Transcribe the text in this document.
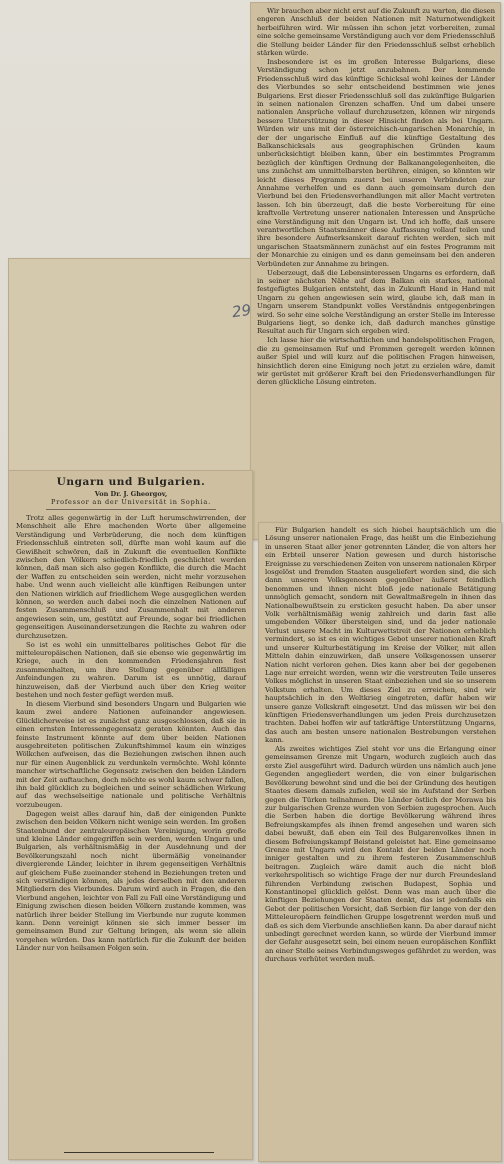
Wir brauchen aber nicht erst auf die Zukunft zu warten, die diesen engeren Anschluß der beiden Nationen mit Naturnotwendigkeit herbeiführen wird. Wir müssen ihn schon jetzt vorbereiten, zumal eine solche gemeinsame Verständigung auch vor dem Friedensschluß die Stellung beider Länder für den Friedensschluß selbst erheblich stärken würde.

Insbesondere ist es im großen Interesse Bulgariens, diese Verständigung schon jetzt anzubahnen. Der kommende Friedensschluß wird das künftige Schicksal wohl keines der Länder des Vierbundes so sehr entscheidend bestimmen wie jenes Bulgariens. Erst dieser Friedensschluß soll das zukünftige Bulgarien in seinen nationalen Grenzen schaffen. Und um dabei unsere nationalen Ansprüche vollauf durchzusetzen, können wir nirgends bessere Unterstützung in dieser Hinsicht finden als bei Ungarn. Würden wir uns mit der österreichisch-ungarischen Monarchie, in der der ungarische Einfluß auf die künftige Gestaltung des Balkanschicksals aus geographischen Gründen kaum unberücksichtigt bleiben kann, über ein bestimmtes Programm bezüglich der künftigen Ordnung der Balkanangelegenheiten, die uns zunächst am unmittelbarsten berühren, einigen, so könnten wir leicht dieses Programm zuerst bei unseren Verbündeten zur Annahme verhelfen und es dann auch gemeinsam durch den Vierbund bei den Friedensverhandlungen mit aller Macht vertreten lassen. Ich bin überzeugt, daß die beste Vorbereitung für eine kraftvolle Vertretung unserer nationalen Interessen und Ansprüche eine Verständigung mit den Ungarn ist. Und ich hoffe, daß unsere verantwortlichen Staatsmänner diese Auffassung vollauf teilen und ihre besondere Aufmerksamkeit darauf richten werden, sich mit ungarischen Staatsmännern zunächst auf ein festes Programm mit der Monarchie zu einigen und es dann gemeinsam bei den anderen Verbündeten zur Annahme zu bringen.

Ueberzeugt, daß die Lebensinteressen Ungarns es erfordern, daß in seiner nächsten Nähe auf dem Balkan ein starkes, national festgefügtes Bulgarien entsteht, das in Zukunft Hand in Hand mit Ungarn zu gehen angewiesen sein wird, glaube ich, daß man in Ungarn unserem Standpunkt volles Verständnis entgegenbringen wird. So sehr eine solche Verständigung an erster Stelle im Interesse Bulgariens liegt, so denke ich, daß dadurch manches günstige Resultat auch für Ungarn sich ergeben wird.

Ich lasse hier die wirtschaftlichen und handelspolitischen Fragen, die zu gemeinsamen Ruf und Frommen geregelt werden können außer Spiel und will kurz auf die politischen Fragen hinweisen, hinsichtlich deren eine Einigung noch jetzt zu erzielen wäre, damit wir gerüstet mit größerer Kraft bei den Friedensverhandlungen für deren glückliche Lösung eintreten.

Für Bulgarien handelt es sich hiebei hauptsächlich um die Lösung unserer nationalen Frage, das heißt um die Einbeziehung in unseren Staat aller jener getrennten Länder, die von alters her ein Erbteil unserer Nation gewesen und durch historische Ereignisse zu verschiedenen Zeiten von unserem nationalen Körper losgelöst und fremden Staaten ausgeliefert worden sind, die sich dann unseren Volksgenossen gegenüber äußerst feindlich benommen und ihnen nicht bloß jede nationale Betätigung unmöglich gemacht, sondern mit Gewaltmaßregeln in ihnen das Nationalbewußtsein zu ersticken gesucht haben. Da aber unser Volk verhältnismäßig wenig zahlreich und darin fast alle umgebenden Völker übersteigen sind, und da jeder nationale Verlust unsere Macht im Kulturwettstreit der Nationen erheblich vermindert, so ist es ein wichtiges Gebot unserer nationalen Kraft und unserer Kulturbestätigung im Kreise der Völker, mit allen Mitteln dahin einzuwirken, daß unsere Volksgenossen unserer Nation nicht verloren gehen. Dies kann aber bei der gegebenen Lage nur erreicht werden, wenn wir die verstreuten Teile unseres Volkes möglichst in unseren Staat einbeziehen und sie so unserem Volkstum erhalten. Um dieses Ziel zu erreichen, sind wir hauptsächlich in den Weltkrieg eingetreten, dafür haben wir unsere ganze Volkskraft eingesetzt. Und das müssen wir bei den künftigen Friedensverhandlungen um jeden Preis durchzusetzen trachten. Dabei hoffen wir auf tatkräftige Unterstützung Ungarns, das auch am besten unsere nationalen Bestrebungen verstehen kann.

Als zweites wichtiges Ziel steht vor uns die Erlangung einer gemeinsamen Grenze mit Ungarn, wodurch zugleich auch das erste Ziel ausgeführt wird. Dadurch würden uns nämlich auch jene Gegenden angegliedert werden, die von einer bulgarischen Bevölkerung bewohnt sind und die bei der Gründung des heutigen Staates diesem damals zufielen, weil sie im Aufstand der Serben gegen die Türken teilnahmen. Die Länder östlich der Morawa bis zur bulgarischen Grenze wurden von Serbien zugesprochen. Auch die Serben haben die dortige Bevölkerung während ihres Befreiungskampfes als ihnen fremd angesehen und waren sich dabei bewußt, daß eben ein Teil des Bulgarenvolkes ihnen in diesem Befreiungskampf Beistand geleistet hat. Eine gemeinsame Grenze mit Ungarn wird den Kontakt der beiden Länder noch inniger gestalten und zu ihrem festeren Zusammenschluß beitragen. Zugleich wäre damit auch die nicht bloß verkehrspolitisch so wichtige Frage der nur durch Freundesland führenden Verbindung zwischen Budapest, Sophia und Konstantinopel glücklich gelöst. Denn was man auch über die künftigen Beziehungen der Staaten denkt, das ist jedenfalls ein Gebot der politischen Vorsicht, daß Serbien für lange von der den Mitteleuropäern feindlichen Gruppe losgetrennt werden muß und daß es sich dem Vierbunde anschließen kann. Da aber darauf nicht unbedingt gerechnet werden kann, so würde der Vierbund immer der Gefahr ausgesetzt sein, bei einem neuen europäischen Konflikt an einer Stelle seines Verbindungsweges gefährdet zu werden, was durchaus verhütet werden muß.

Ungarn und Bulgarien.

Von Dr. J. Gheorgov,

Professor an der Universität in Sophia.

Trotz alles gegenwärtig in der Luft herumschwirrenden, der Menschheit alle Ehre machenden Worte über allgemeine Verständigung und Verbrüderung, die noch dem künftigen Friedensschluß eintreten soll, dürfte man wohl kaum auf die Gewißheit schwören, daß in Zukunft die eventuellen Konflikte zwischen den Völkern schiedlich-friedlich geschlichtet werden können, daß man sich also gegen Konflikte, die durch die Macht der Waffen zu entscheiden sein werden, nicht mehr vorzusehen habe. Und wenn auch vielleicht alle künftigen Reibungen unter den Nationen wirklich auf friedlichem Wege ausgeglichen werden können, so werden auch dabei noch die einzelnen Nationen auf festen Zusammenschluß und Zusammenhalt mit anderen angewiesen sein, um, gestützt auf Freunde, sogar bei friedlichen gegenseitigen Auseinandersetzungen die Rechte zu wahren oder durchzusetzen.

So ist es wohl ein unmittelbares politisches Gebot für die mitteleuropäischen Nationen, daß sie ebenso wie gegenwärtig im Kriege, auch in den kommenden Friedensjahren fest zusammenhalten, um ihre Stellung gegenüber allfälligen Anfeindungen zu wahren. Darum ist es unnötig, darauf hinzuweisen, daß der Vierbund auch über den Krieg weiter bestehen und noch fester gefügt werden muß.

In diesem Vierbund sind besonders Ungarn und Bulgarien wie kaum zwei andere Nationen aufeinander angewiesen. Glücklicherweise ist es zunächst ganz ausgeschlossen, daß sie in einen ernsten Interessengegensatz geraten könnten. Auch das feinste Instrument könnte auf dem über beiden Nationen ausgebreiteten politischen Zukunftshimmel kaum ein winziges Wölkchen aufweisen, das die Beziehungen zwischen ihnen auch nur für einen Augenblick zu verdunkeln vermöchte. Wohl könnte mancher wirtschaftliche Gegensatz zwischen den beiden Ländern mit der Zeit auftauchen, doch möchte es wohl kaum schwer fallen, ihn bald glücklich zu begleichen und seiner schädlichen Wirkung auf das wechselseitige nationale und politische Verhältnis vorzubeugen.

Dagegen weist alles darauf hin, daß der einigenden Punkte zwischen den beiden Völkern nicht wenige sein werden. Im großen Staatenbund der zentraleuropäischen Vereinigung, worin große und kleine Länder eingegriffen sein werden, werden Ungarn und Bulgarien, als verhältnismäßig in der Ausdehnung und der Bevölkerungszahl noch nicht übermäßig voneinander divergierende Länder, leichter in ihrem gegenseitigen Verhältnis auf gleichem Fuße zueinander stehend in Beziehungen treten und sich verständigen können, als jedes derselben mit den anderen Mitgliedern des Vierbundes. Darum wird auch in Fragen, die den Vierbund angehen, leichter von Fall zu Fall eine Verständigung und Einigung zwischen diesen beiden Völkern zustande kommen, was natürlich ihrer beider Stellung im Vierbunde nur zugute kommen kann. Denn vereinigt können sie sich immer besser im gemeinsamen Bund zur Geltung bringen, als wenn sie allein vorgehen würden. Das kann natürlich für die Zukunft der beiden Länder nur von heilsamen Folgen sein.

29
